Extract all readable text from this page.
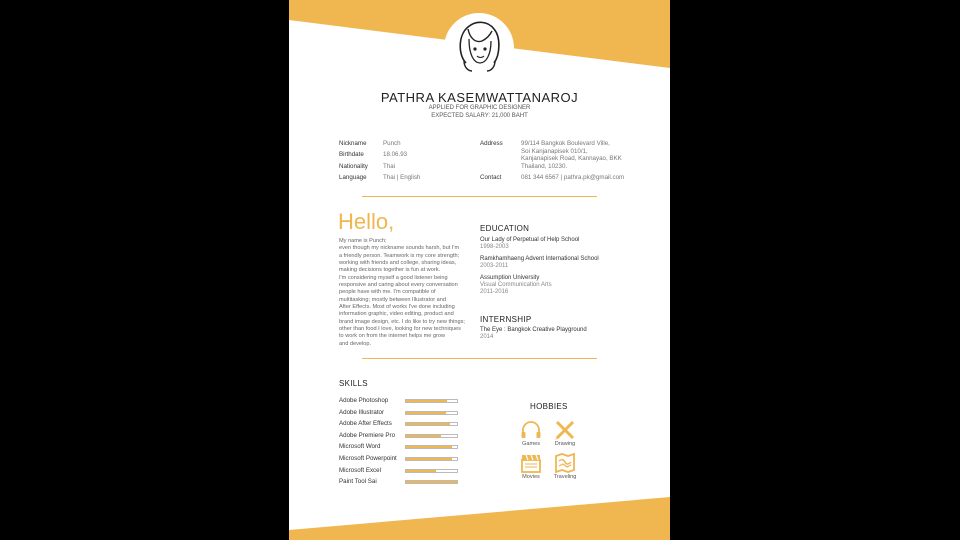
PATHRA KASEMWATTANAROJ
APPLIED FOR GRAPHIC DESIGNER
EXPECTED SALARY: 21,000 BAHT
Nickname	Punch
Birthdate	18.06.93
Nationality Thai
Language	Thai | English
Address	99/114 Bangkok Boulevard Ville,
Soi Kanjanapisek 010/1,
Kanjanapisek Road, Kannayao, BKK
Thailand, 10230.
Contact	081 344 6567 | pathra.pk@gmail.com
Hello,
My name is Punch;
even though my nickname sounds harsh, but I'm
a friendly person. Teamwork is my core strength;
working with friends and college, sharing ideas,
making decisions together is fun at work.
I'm considering myself a good listener being
responsive and caring about every conversation
people have with me. I'm compatible of
multitasking; mostly between Illustrator and
After Effects. Most of works I've done including
information graphic, video editing, product and
brand image design, etc. I do like to try new things;
other than food I love, looking for new techniques
to work on from the internet helps me grow
and develop.
EDUCATION
Our Lady of Perpetual of Help School
1998-2003
Ramkhamhaeng Advent International School
2003-2011
Assumption University
Visual Communication Arts
2011-2016
INTERNSHIP
The Eye : Bangkok Creative Playground
2014
SKILLS
HOBBIES
Games	Drawing
Movies	Traveling
Adobe Photoshop
Adobe Illustrator
Adobe After Effects
Adobe Premiere Pro
Microsoft Word
Microsoft Powerpoint
Microsoft Excel
Paint Tool Sai
